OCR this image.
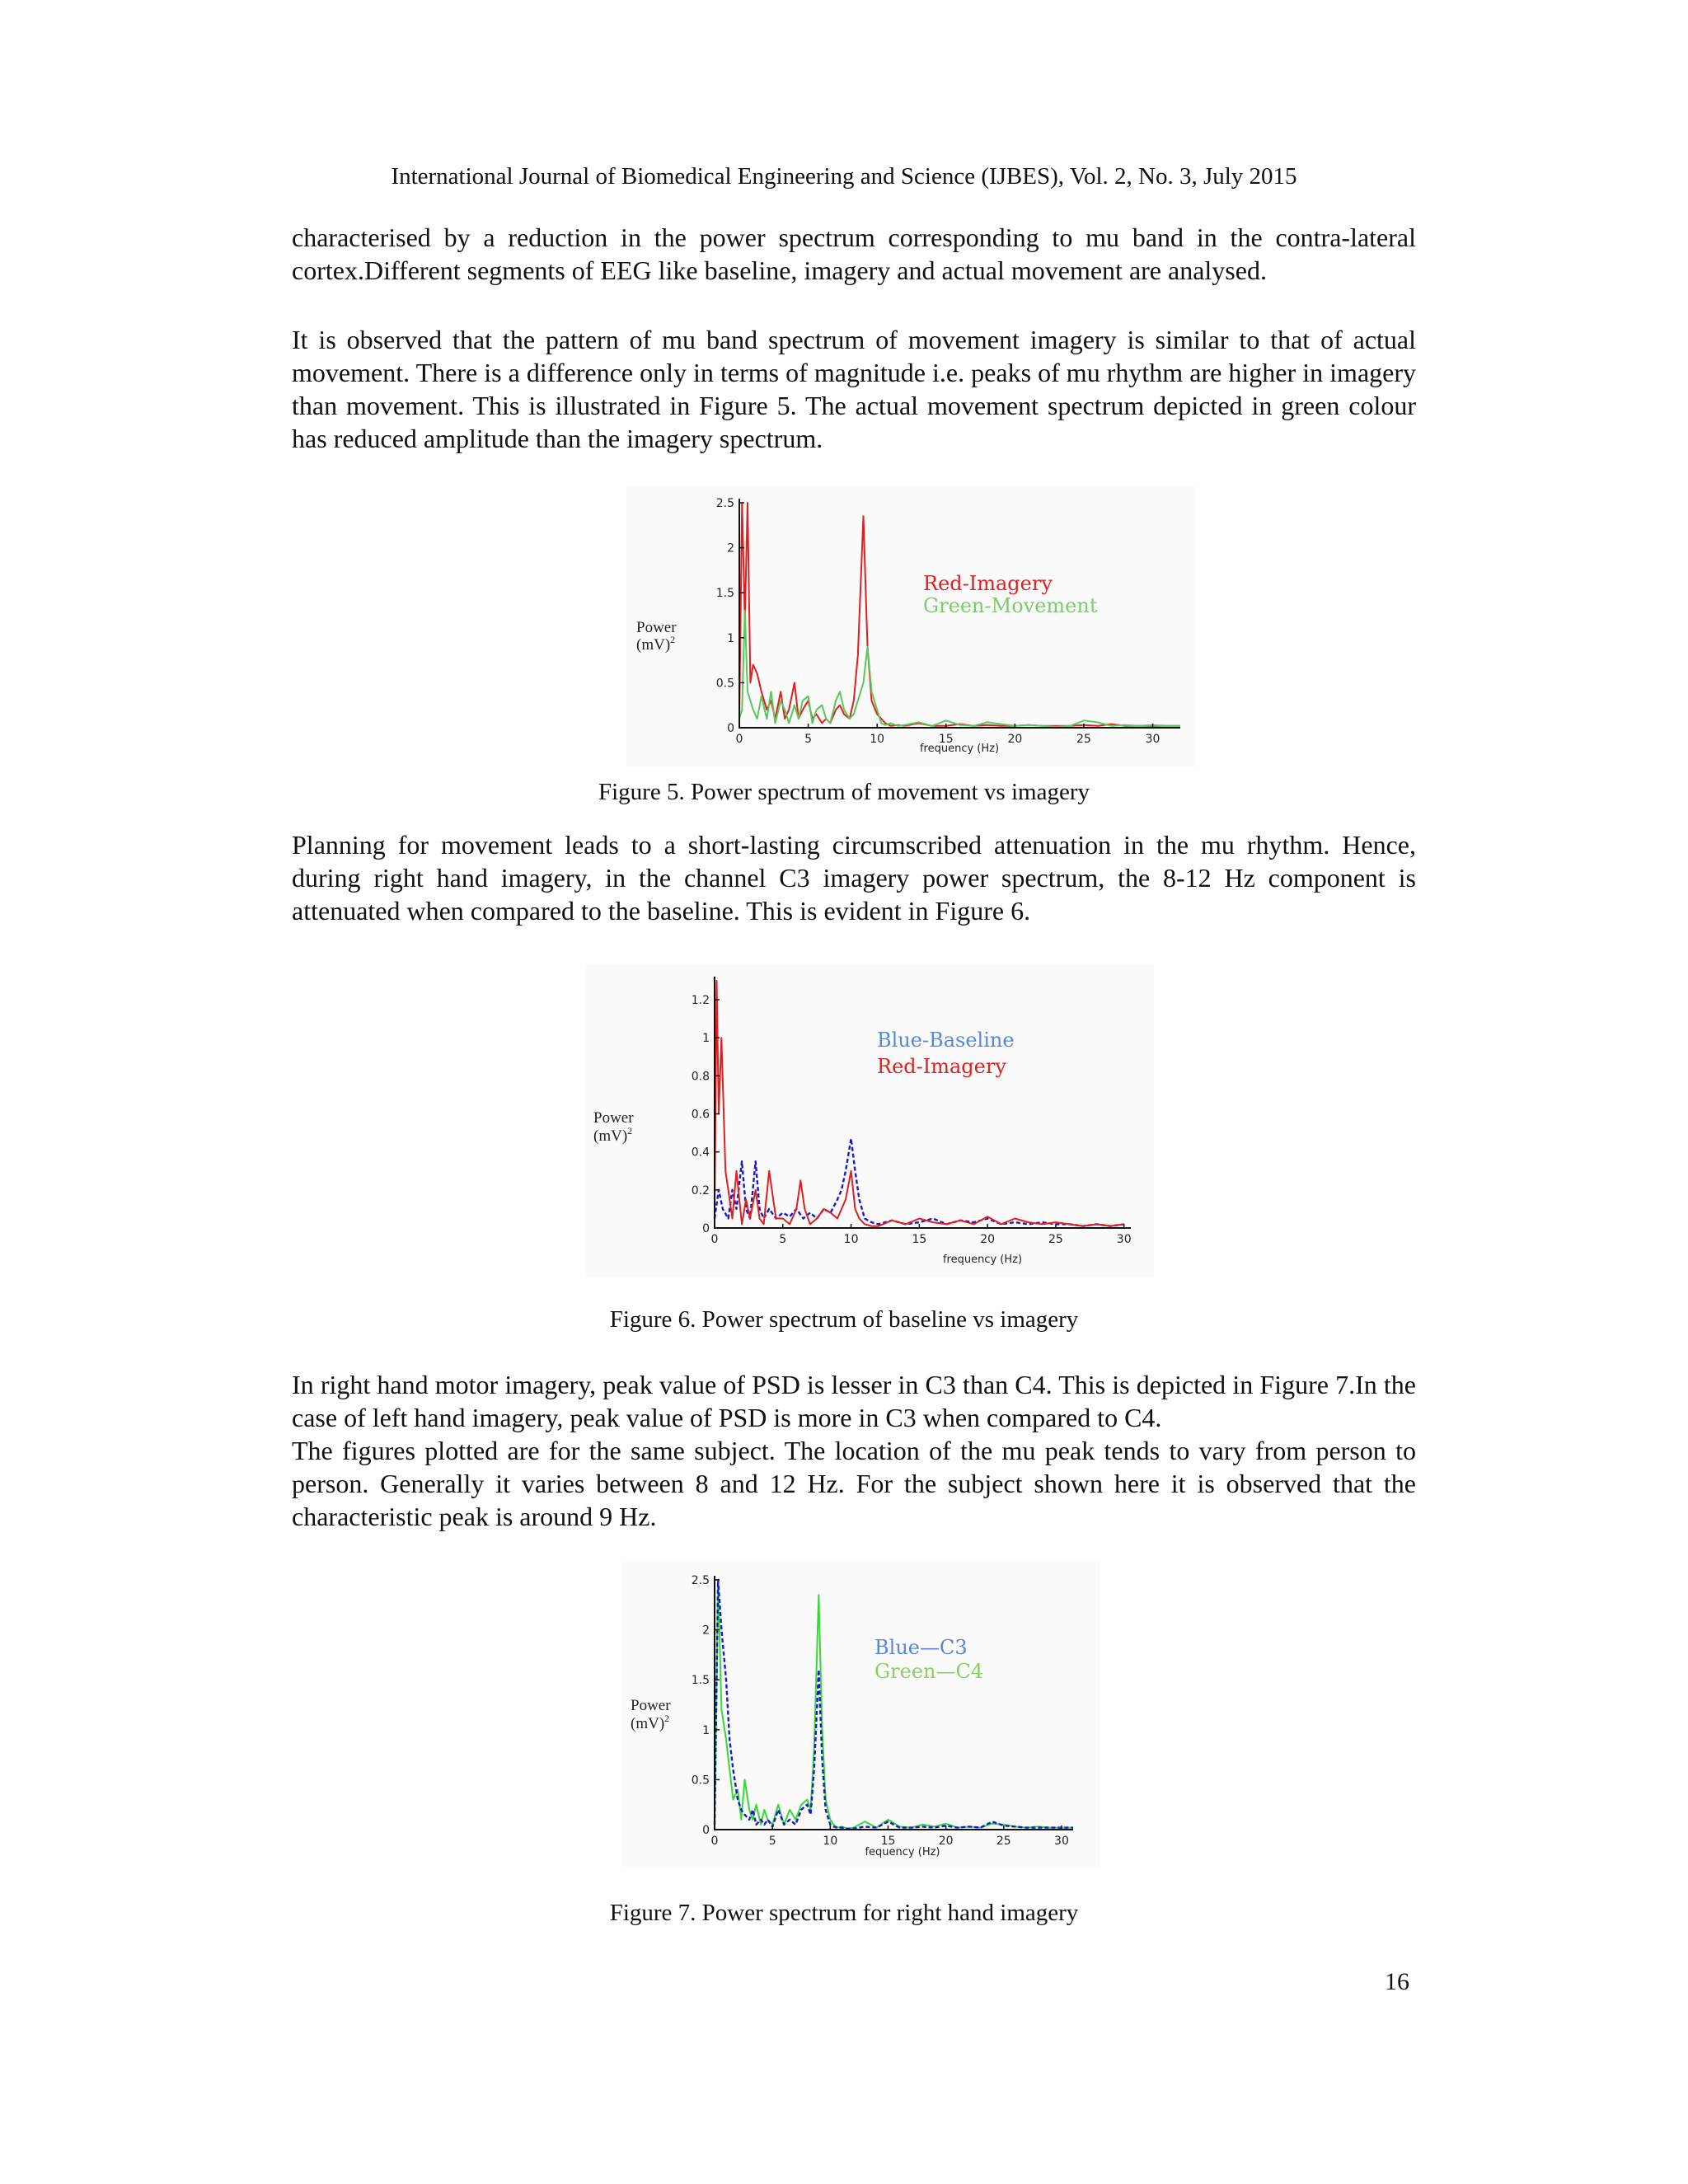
International Journal of Biomedical Engineering and Science (IJBES), Vol. 2, No. 3, July 2015

characterised by a reduction in the power spectrum corresponding to mu band in the contra-lateral cortex.Different segments of EEG like baseline, imagery and actual movement are analysed.

It is observed that the pattern of mu band spectrum of movement imagery is similar to that of actual movement. There is a difference only in terms of magnitude i.e. peaks of mu rhythm are higher in imagery than movement. This is illustrated in Figure 5. The actual movement spectrum depicted in green colour has reduced amplitude than the imagery spectrum.

0	5	10	15	20	25	30
0
0.5
1
1.5
2
2.5
Power
(mV)$^2$
frequency (Hz)
Red-Imagery
Green-Movement
Figure 5. Power spectrum of movement vs imagery

Planning for movement leads to a short-lasting circumscribed attenuation in the mu rhythm. Hence, during right hand imagery, in the channel C3 imagery power spectrum, the 8-12 Hz component is attenuated when compared to the baseline. This is evident in Figure 6.

0	5	10	15	20	25	30
0
0.2
0.4
0.6
0.8
1
1.2
Power
(mV)$^2$
frequency (Hz)
Blue-Baseline
Red-Imagery
Figure 6. Power spectrum of baseline vs imagery

In right hand motor imagery, peak value of PSD is lesser in C3 than C4. This is depicted in Figure 7.In the case of left hand imagery, peak value of PSD is more in C3 when compared to C4.

The figures plotted are for the same subject. The location of the mu peak tends to vary from person to person. Generally it varies between 8 and 12 Hz. For the subject shown here it is observed that the characteristic peak is around 9 Hz.

0	5	10	15	20	25	30
0
0.5
1
1.5
2
2.5
Power
(mV)$^2$
fequency (Hz)
Blue—C3
Green—C4
Figure 7. Power spectrum for right hand imagery
16
